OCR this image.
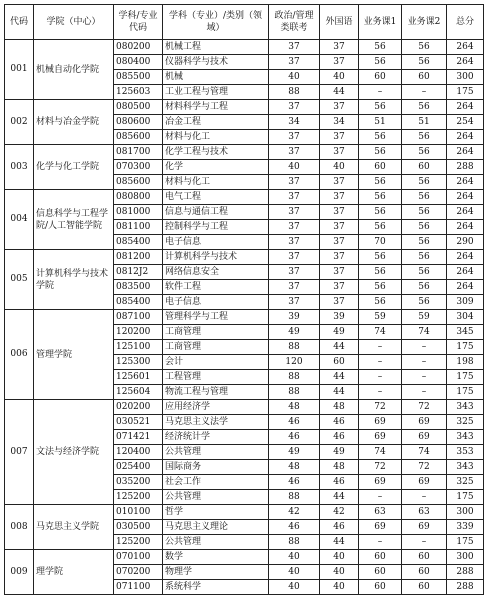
代码	学院（中心）	学科/专业代码	学科（专业）/类别（领域）	政治/管理类联考	外国语	业务课1	业务课2	总分
001	机械自动化学院	080200	机械工程	37	37	56	56	264
		080400	仪器科学与技术	37	37	56	56	264
		085500	机械	40	40	60	60	300
		125603	工业工程与管理	88	44	–	–	175
002	材料与冶金学院	080500	材料科学与工程	37	37	56	56	264
		080600	冶金工程	34	34	51	51	254
		085600	材料与化工	37	37	56	56	264
003	化学与化工学院	081700	化学工程与技术	37	37	56	56	264
		070300	化学	40	40	60	60	288
		085600	材料与化工	37	37	56	56	264
004	信息科学与工程学院/人工智能学院	080800	电气工程	37	37	56	56	264
		081000	信息与通信工程	37	37	56	56	264
		081100	控制科学与工程	37	37	56	56	264
		085400	电子信息	37	37	70	56	290
005	计算机科学与技术学院	081200	计算机科学与技术	37	37	56	56	264
		0812J2	网络信息安全	37	37	56	56	264
		083500	软件工程	37	37	56	56	264
		085400	电子信息	37	37	56	56	309
006	管理学院	087100	管理科学与工程	39	39	59	59	304
		120200	工商管理	49	49	74	74	345
		125100	工商管理	88	44	–	–	175
		125300	会计	120	60	–	–	198
		125601	工程管理	88	44	–	–	175
		125604	物流工程与管理	88	44	–	–	175
007	文法与经济学院	020200	应用经济学	48	48	72	72	343
		030521	马克思主义法学	46	46	69	69	325
		071421	经济统计学	46	46	69	69	343
		120400	公共管理	49	49	74	74	353
		025400	国际商务	48	48	72	72	343
		035200	社会工作	46	46	69	69	325
		125200	公共管理	88	44	–	–	175
008	马克思主义学院	010100	哲学	42	42	63	63	300
		030500	马克思主义理论	46	46	69	69	339
		125200	公共管理	88	44	–	–	175
009	理学院	070100	数学	40	40	60	60	300
		070200	物理学	40	40	60	60	288
		071100	系统科学	40	40	60	60	288
